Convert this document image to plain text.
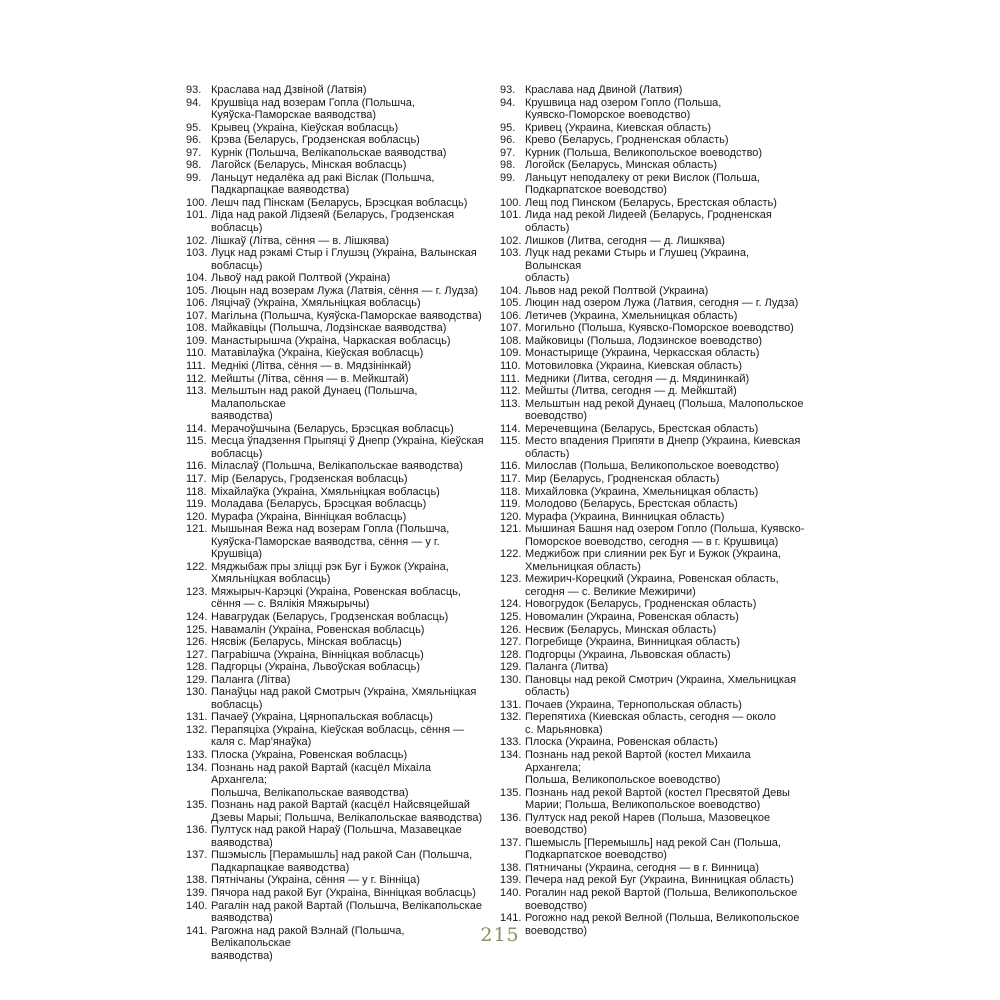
93. Краслава над Дзвіной (Латвія)
94. Крушвіца над возерам Гопла (Польшча,
Куяўска-Паморскае ваяводства)
95. Крывец (Украіна, Кіеўская вобласць)
96. Крэва (Беларусь, Гродзенская вобласць)
97. Курнік (Польшча, Велікапольскае ваяводства)
98. Лагойск (Беларусь, Мінская вобласць)
99. Ланьцут недалёка ад ракі Віслак (Польшча,
Падкарпацкае ваяводства)
100. Лешч пад Пінскам (Беларусь, Брэсцкая вобласць)
101. Ліда над ракой Лідзеяй (Беларусь, Гродзенская
вобласць)
102. Лішкаў (Літва, сёння — в. Лішкява)
103. Луцк над рэкамі Стыр і Глушэц (Украіна, Валынская
вобласць)
104. Львоў над ракой Полтвой (Украіна)
105. Люцын над возерам Лужа (Латвія, сёння — г. Лудза)
106. Ляцічаў (Украіна, Хмяльніцкая вобласць)
107. Магільна (Польшча, Куяўска-Паморскае ваяводства)
108. Майкавіцы (Польшча, Лодзінскае ваяводства)
109. Манастырышча (Украіна, Чаркаская вобласць)
110. Матавілаўка (Украіна, Кіеўская вобласць)
111. Меднікі (Літва, сёння — в. Мядзінінкай)
112. Мейшты (Літва, сёння — в. Мейкштай)
113. Мельштын над ракой Дунаец (Польшча, Малапольскае
ваяводства)
114. Мерачоўшчына (Беларусь, Брэсцкая вобласць)
115. Месца ўпадзення Прыпяці ў Днепр (Украіна, Кіеўская
вобласць)
116. Міласлаў (Польшча, Велікапольскае ваяводства)
117. Мір (Беларусь, Гродзенская вобласць)
118. Міхайлаўка (Украіна, Хмяльніцкая вобласць)
119. Моладава (Беларусь, Брэсцкая вобласць)
120. Мурафа (Украіна, Вінніцкая вобласць)
121. Мышыная Вежа над возерам Гопла (Польшча,
Куяўска-Паморскае ваяводства, сёння — у г. Крушвіца)
122. Мяджыбаж пры зліцці рэк Буг і Бужок (Украіна,
Хмяльніцкая вобласць)
123. Мяжырыч-Карэцкі (Украіна, Ровенская вобласць,
сёння — с. Вялікія Мяжырычы)
124. Навагрудак (Беларусь, Гродзенская вобласць)
125. Навамалін (Украіна, Ровенская вобласць)
126. Нясвіж (Беларусь, Мінская вобласць)
127. Пагрabішча (Украіна, Вінніцкая вобласць)
128. Падгорцы (Украіна, Львоўская вобласць)
129. Паланга (Літва)
130. Панаўцы над ракой Смотрыч (Украіна, Хмяльніцкая
вобласць)
131. Пачаеў (Украіна, Цярнопальская вобласць)
132. Перапяціха (Украіна, Кіеўская вобласць, сёння —
каля с. Мар'янаўка)
133. Плоска (Украіна, Ровенская вобласць)
134. Познань над ракой Вартай (касцёл Міхаіла Архангела;
Польшча, Велікапольскае ваяводства)
135. Познань над ракой Вартай (касцёл Найсвяцейшай
Дзевы Марыі; Польшча, Велікапольскае ваяводства)
136. Пултуск над ракой Нараў (Польшча, Мазавецкае
ваяводства)
137. Пшэмысль [Перамышль] над ракой Сан (Польшча,
Падкарпацкае ваяводства)
138. Пятнічаны (Украіна, сёння — у г. Вінніца)
139. Пячора над ракой Буг (Украіна, Вінніцкая вобласць)
140. Рагалін над ракой Вартай (Польшча, Велікапольскае
ваяводства)
141. Рагожна над ракой Вэлнай (Польшча, Велікапольскае
ваяводства)
93. Краслава над Двиной (Латвия)
94. Крушвица над озером Гопло (Польша,
Куявско-Поморское воеводство)
95. Кривец (Украина, Киевская область)
96. Крево (Беларусь, Гродненская область)
97. Курник (Польша, Великопольское воеводство)
98. Логойск (Беларусь, Минская область)
99. Ланьцут неподалеку от реки Вислок (Польша,
Подкарпатское воеводство)
100. Лещ под Пинском (Беларусь, Брестская область)
101. Лида над рекой Лидеей (Беларусь, Гродненская
область)
102. Лишков (Литва, сегодня — д. Лишкява)
103. Луцк над реками Стырь и Глушец (Украина, Волынская
область)
104. Львов над рекой Полтвой (Украина)
105. Люцин над озером Лужа (Латвия, сегодня — г. Лудза)
106. Летичев (Украина, Хмельницкая область)
107. Могильно (Польша, Куявско-Поморское воеводство)
108. Майковицы (Польша, Лодзинское воеводство)
109. Монастырище (Украина, Черкасская область)
110. Мотовиловка (Украина, Киевская область)
111. Медники (Литва, сегодня — д. Мядининкай)
112. Мейшты (Литва, сегодня — д. Мейкштай)
113. Мельштын над рекой Дунаец (Польша, Малопольское
воеводство)
114. Меречевщина (Беларусь, Брестская область)
115. Место впадения Припяти в Днепр (Украина, Киевская
область)
116. Милослав (Польша, Великопольское воеводство)
117. Мир (Беларусь, Гродненская область)
118. Михайловка (Украина, Хмельницкая область)
119. Молодово (Беларусь, Брестская область)
120. Мурафа (Украина, Винницкая область)
121. Мышиная Башня над озером Гопло (Польша, Куявско-
Поморское воеводство, сегодня — в г. Крушвица)
122. Меджибож при слиянии рек Буг и Бужок (Украина,
Хмельницкая область)
123. Межирич-Корецкий (Украина, Ровенская область,
сегодня — с. Великие Межиричи)
124. Новогрудок (Беларусь, Гродненская область)
125. Новомалин (Украина, Ровенская область)
126. Несвиж (Беларусь, Минская область)
127. Погребище (Украина, Винницкая область)
128. Подгорцы (Украина, Львовская область)
129. Паланга (Литва)
130. Пановцы над рекой Смотрич (Украина, Хмельницкая
область)
131. Почаев (Украина, Тернопольская область)
132. Перепятиха (Киевская область, сегодня — около
с. Марьяновка)
133. Плоска (Украина, Ровенская область)
134. Познань над рекой Вартой (костел Михаила Архангела;
Польша, Великопольское воеводство)
135. Познань над рекой Вартой (костел Пресвятой Девы
Марии; Польша, Великопольское воеводство)
136. Пултуск над рекой Нарев (Польша, Мазовецкое
воеводство)
137. Пшемысль [Перемышль] над рекой Сан (Польша,
Подкарпатское воеводство)
138. Пятничаны (Украина, сегодня — в г. Винница)
139. Печера над рекой Буг (Украина, Винницкая область)
140. Рогалин над рекой Вартой (Польша, Великопольское
воеводство)
141. Рогожно над рекой Велной (Польша, Великопольское
воеводство)
215
